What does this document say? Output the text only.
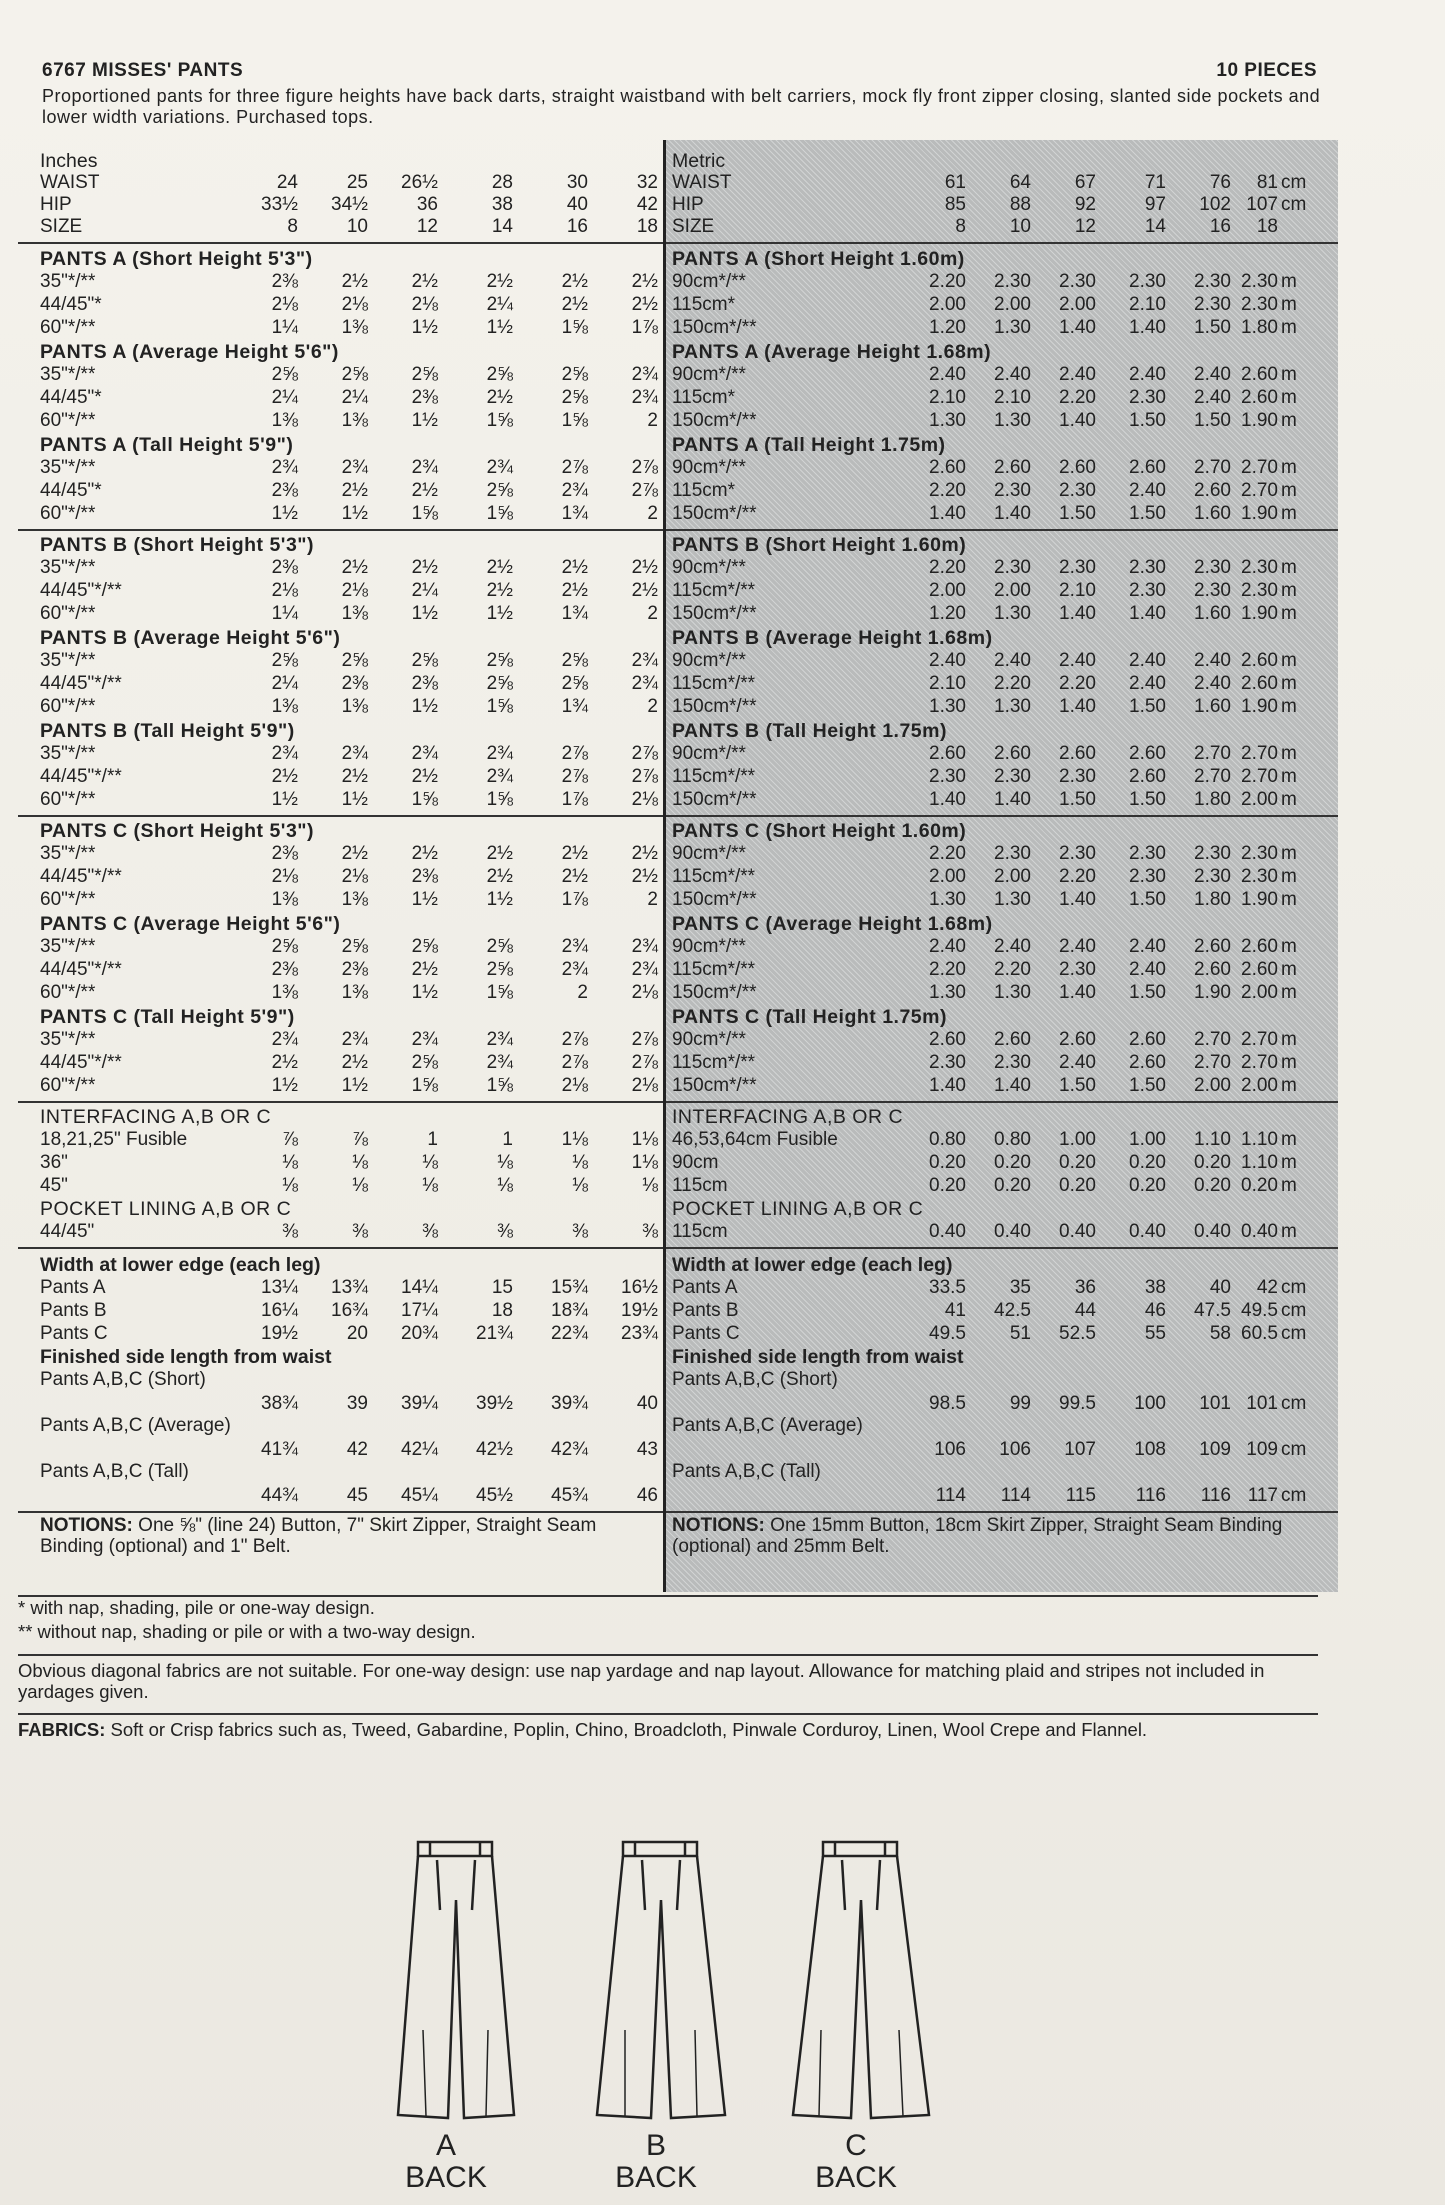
6767 MISSES' PANTS	10 PIECES
Proportioned pants for three figure heights have back darts, straight waistband with belt carriers, mock fly front zipper closing, slanted side pockets and lower width variations. Purchased tops.
Inches
WAIST	24	25	26½	28	30	32
HIP	33½	34½	36	38	40	42
SIZE	8	10	12	14	16	18
PANTS A (Short Height 5'3")
35"*/**	2⅜	2½	2½	2½	2½	2½
44/45"*	2⅛	2⅛	2⅛	2¼	2½	2½
60"*/**	1¼	1⅜	1½	1½	1⅝	1⅞
PANTS A (Average Height 5'6")
35"*/**	2⅝	2⅝	2⅝	2⅝	2⅝	2¾
44/45"*	2¼	2¼	2⅜	2½	2⅝	2¾
60"*/**	1⅜	1⅜	1½	1⅝	1⅝	2
PANTS A (Tall Height 5'9")
35"*/**	2¾	2¾	2¾	2¾	2⅞	2⅞
44/45"*	2⅜	2½	2½	2⅝	2¾	2⅞
60"*/**	1½	1½	1⅝	1⅝	1¾	2
PANTS B (Short Height 5'3")
35"*/**	2⅜	2½	2½	2½	2½	2½
44/45"*/**	2⅛	2⅛	2¼	2½	2½	2½
60"*/**	1¼	1⅜	1½	1½	1¾	2
PANTS B (Average Height 5'6")
35"*/**	2⅝	2⅝	2⅝	2⅝	2⅝	2¾
44/45"*/**	2¼	2⅜	2⅜	2⅝	2⅝	2¾
60"*/**	1⅜	1⅜	1½	1⅝	1¾	2
PANTS B (Tall Height 5'9")
35"*/**	2¾	2¾	2¾	2¾	2⅞	2⅞
44/45"*/**	2½	2½	2½	2¾	2⅞	2⅞
60"*/**	1½	1½	1⅝	1⅝	1⅞	2⅛
PANTS C (Short Height 5'3")
35"*/**	2⅜	2½	2½	2½	2½	2½
44/45"*/**	2⅛	2⅛	2⅜	2½	2½	2½
60"*/**	1⅜	1⅜	1½	1½	1⅞	2
PANTS C (Average Height 5'6")
35"*/**	2⅝	2⅝	2⅝	2⅝	2¾	2¾
44/45"*/**	2⅜	2⅜	2½	2⅝	2¾	2¾
60"*/**	1⅜	1⅜	1½	1⅝	2	2⅛
PANTS C (Tall Height 5'9")
35"*/**	2¾	2¾	2¾	2¾	2⅞	2⅞
44/45"*/**	2½	2½	2⅝	2¾	2⅞	2⅞
60"*/**	1½	1½	1⅝	1⅝	2⅛	2⅛
INTERFACING A,B OR C
18,21,25" Fusible	⅞	⅞	1	1	1⅛	1⅛
36"	⅛	⅛	⅛	⅛	⅛	1⅛
45"	⅛	⅛	⅛	⅛	⅛	⅛
POCKET LINING A,B OR C
44/45"	⅜	⅜	⅜	⅜	⅜	⅜
Width at lower edge (each leg)
Pants A	13¼	13¾	14¼	15	15¾	16½
Pants B	16¼	16¾	17¼	18	18¾	19½
Pants C	19½	20	20¾	21¾	22¾	23¾
Finished side length from waist
Pants A,B,C (Short)
38¾	39	39¼	39½	39¾	40
Pants A,B,C (Average)
41¾	42	42¼	42½	42¾	43
Pants A,B,C (Tall)
44¾	45	45¼	45½	45¾	46
NOTIONS: One ⅝" (line 24) Button, 7" Skirt Zipper, Straight Seam Binding (optional) and 1" Belt.
Metric
WAIST	61	64	67	71	76	81 cm
HIP	85	88	92	97	102 107 cm
SIZE	8	10	12	14	16	18
PANTS A (Short Height 1.60m)
90cm*/**	2.20	2.30	2.30	2.30	2.30 2.30 m
115cm*	2.00	2.00	2.00	2.10	2.30 2.30 m
150cm*/**	1.20	1.30	1.40	1.40	1.50 1.80 m
PANTS A (Average Height 1.68m)
90cm*/**	2.40	2.40	2.40	2.40	2.40 2.60 m
115cm*	2.10	2.10	2.20	2.30	2.40 2.60 m
150cm*/**	1.30	1.30	1.40	1.50	1.50 1.90 m
PANTS A (Tall Height 1.75m)
90cm*/**	2.60	2.60	2.60	2.60	2.70 2.70 m
115cm*	2.20	2.30	2.30	2.40	2.60 2.70 m
150cm*/**	1.40	1.40	1.50	1.50	1.60 1.90 m
PANTS B (Short Height 1.60m)
90cm*/**	2.20	2.30	2.30	2.30	2.30 2.30 m
115cm*/**	2.00	2.00	2.10	2.30	2.30 2.30 m
150cm*/**	1.20	1.30	1.40	1.40	1.60 1.90 m
PANTS B (Average Height 1.68m)
90cm*/**	2.40	2.40	2.40	2.40	2.40 2.60 m
115cm*/**	2.10	2.20	2.20	2.40	2.40 2.60 m
150cm*/**	1.30	1.30	1.40	1.50	1.60 1.90 m
PANTS B (Tall Height 1.75m)
90cm*/**	2.60	2.60	2.60	2.60	2.70 2.70 m
115cm*/**	2.30	2.30	2.30	2.60	2.70 2.70 m
150cm*/**	1.40	1.40	1.50	1.50	1.80 2.00 m
PANTS C (Short Height 1.60m)
90cm*/**	2.20	2.30	2.30	2.30	2.30 2.30 m
115cm*/**	2.00	2.00	2.20	2.30	2.30 2.30 m
150cm*/**	1.30	1.30	1.40	1.50	1.80 1.90 m
PANTS C (Average Height 1.68m)
90cm*/**	2.40	2.40	2.40	2.40	2.60 2.60 m
115cm*/**	2.20	2.20	2.30	2.40	2.60 2.60 m
150cm*/**	1.30	1.30	1.40	1.50	1.90 2.00 m
PANTS C (Tall Height 1.75m)
90cm*/**	2.60	2.60	2.60	2.60	2.70 2.70 m
115cm*/**	2.30	2.30	2.40	2.60	2.70 2.70 m
150cm*/**	1.40	1.40	1.50	1.50	2.00 2.00 m
INTERFACING A,B OR C
46,53,64cm Fusible	0.80	0.80	1.00	1.00	1.10 1.10 m
90cm	0.20	0.20	0.20	0.20	0.20 1.10 m
115cm	0.20	0.20	0.20	0.20	0.20 0.20 m
POCKET LINING A,B OR C
115cm	0.40	0.40	0.40	0.40	0.40 0.40 m
Width at lower edge (each leg)
Pants A	33.5	35	36	38	40	42 cm
Pants B	41	42.5	44	46	47.5 49.5 cm
Pants C	49.5	51	52.5	55	58 60.5 cm
Finished side length from waist
Pants A,B,C (Short)
98.5	99	99.5	100	101 101 cm
Pants A,B,C (Average)
106	106	107	108	109 109 cm
Pants A,B,C (Tall)
114	114	115	116	116 117 cm
NOTIONS: One 15mm Button, 18cm Skirt Zipper, Straight Seam Binding (optional) and 25mm Belt.
* with nap, shading, pile or one-way design.
** without nap, shading or pile or with a two-way design.
Obvious diagonal fabrics are not suitable. For one-way design: use nap yardage and nap layout. Allowance for matching plaid and stripes not included in yardages given.
FABRICS: Soft or Crisp fabrics such as, Tweed, Gabardine, Poplin, Chino, Broadcloth, Pinwale Corduroy, Linen, Wool Crepe and Flannel.
A
BACK
B
BACK
C
BACK
